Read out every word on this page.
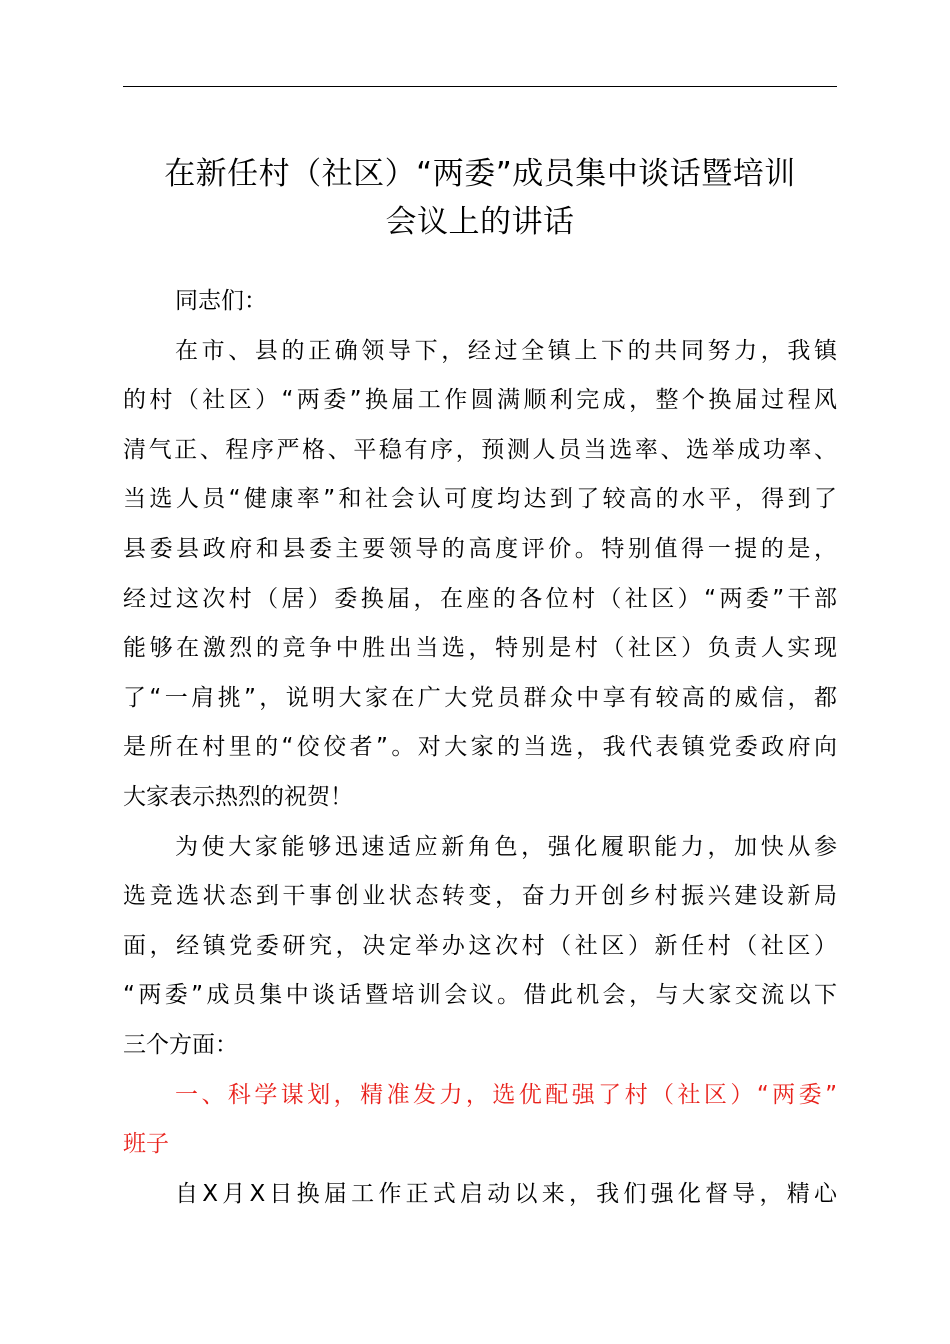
在新任村（社区）“两委”成员集中谈话暨培训
会议上的讲话
同志们：
在市、县的正确领导下，经过全镇上下的共同努力，我镇
的村（社区）“两委”换届工作圆满顺利完成，整个换届过程风
清气正、程序严格、平稳有序，预测人员当选率、选举成功率、
当选人员“健康率”和社会认可度均达到了较高的水平，得到了
县委县政府和县委主要领导的高度评价。特别值得一提的是，
经过这次村（居）委换届，在座的各位村（社区）“两委”干部
能够在激烈的竞争中胜出当选，特别是村（社区）负责人实现
了“一肩挑”，说明大家在广大党员群众中享有较高的威信，都
是所在村里的“佼佼者”。对大家的当选，我代表镇党委政府向
大家表示热烈的祝贺！
为使大家能够迅速适应新角色，强化履职能力，加快从参
选竞选状态到干事创业状态转变，奋力开创乡村振兴建设新局
面，经镇党委研究，决定举办这次村（社区）新任村（社区）
“两委”成员集中谈话暨培训会议。借此机会，与大家交流以下
三个方面：
一、科学谋划，精准发力，选优配强了村（社区）“两委”
班子
自X月X日换届工作正式启动以来，我们强化督导，精心
